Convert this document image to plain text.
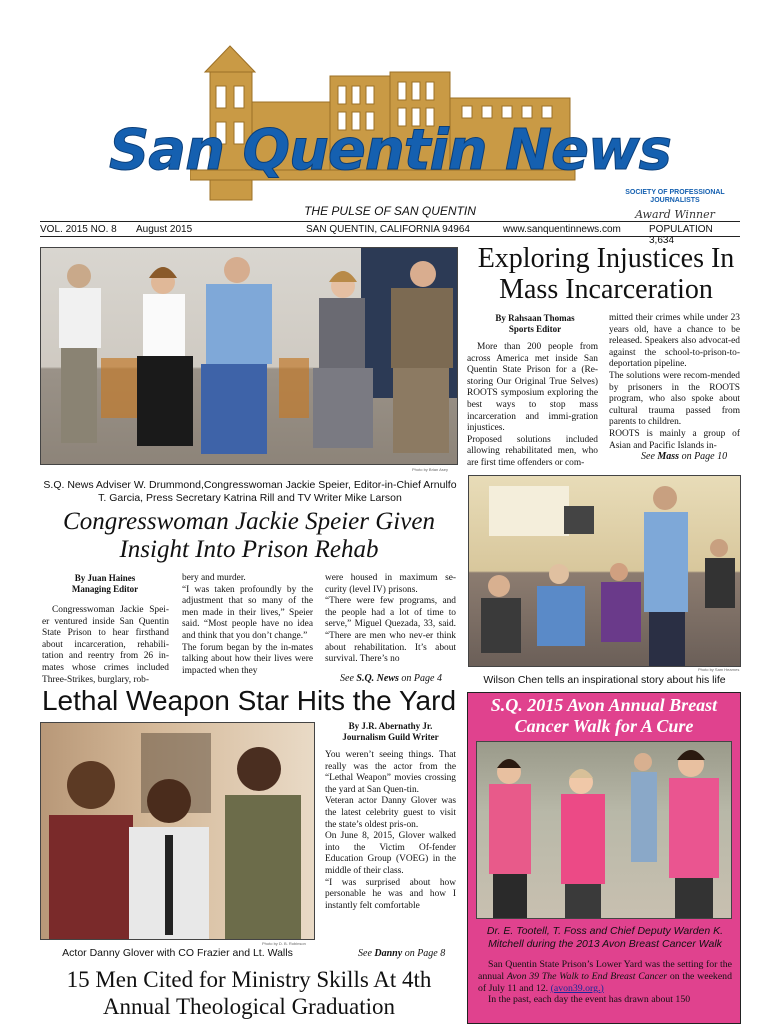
San Quentin News
THE PULSE OF SAN QUENTIN
SOCIETY OF PROFESSIONAL JOURNALISTS
Award Winner
VOL. 2015 NO. 8 August 2015	SAN QUENTIN, CALIFORNIA 94964	www.sanquentinnews.com	POPULATION 3,634
Photo by Brian Asey
S.Q. News Adviser W. Drummond,Congresswoman Jackie Speier, Editor-in-Chief Arnulfo T. Garcia, Press Secretary Katrina Rill and TV Writer Mike Larson
Exploring Injustices In Mass Incarceration
By Rahsaan Thomas
Sports Editor
More than 200 people from across America met inside San Quentin State Prison for a (Re-storing Our Original True Selves) ROOTS symposium exploring the best ways to stop mass incarceration and immi-gration injustices.
Proposed solutions included allowing rehabilitated men, who are first time offenders or com-
mitted their crimes while under 23 years old, have a chance to be released. Speakers also advocat-ed against the school-to-prison-to-deportation pipeline.
The solutions were recom-mended by prisoners in the ROOTS program, who also spoke about cultural trauma passed from parents to children.
ROOTS is mainly a group of Asian and Pacific Islands in-
See Mass on Page 10
Congresswoman Jackie Speier Given Insight Into Prison Rehab
By Juan Haines
Managing Editor
Congresswoman Jackie Spei-er ventured inside San Quentin State Prison to hear firsthand about incarceration, rehabili-tation and reentry from 26 in-mates whose crimes included Three-Strikes, burglary, rob-
bery and murder.
“I was taken profoundly by the adjustment that so many of the men made in their lives,” Speier said. “Most people have no idea and think that you don’t change.”
The forum began by the in-mates talking about how their lives were impacted when they
were housed in maximum se-curity (level IV) prisons.
“There were few programs, and the people had a lot of time to serve,” Miguel Quezada, 33, said. “There are men who nev-er think about rehabilitation. It’s about survival. There’s no
See S.Q. News on Page 4
Photo by Sam Hearnes
Wilson Chen tells an inspirational story about his life
Lethal Weapon Star Hits the Yard
Photo by D. B. Robinson
Actor Danny Glover with CO Frazier and Lt. Walls
By J.R. Abernathy Jr.
Journalism Guild Writer
You weren’t seeing things. That really was the actor from the “Lethal Weapon” movies crossing the yard at San Quen-tin.
Veteran actor Danny Glover was the latest celebrity guest to visit the state’s oldest pris-on.
On June 8, 2015, Glover walked into the Victim Of-fender Education Group (VOEG) in the middle of their class.
“I was surprised about how personable he was and how I instantly felt comfortable
See Danny on Page 8
15 Men Cited for Ministry Skills At 4th Annual Theological Graduation
S.Q. 2015 Avon Annual Breast Cancer Walk for A Cure
Dr. E. Tootell, T. Foss and Chief Deputy Warden K. Mitchell during the 2013 Avon Breast Cancer Walk
San Quentin State Prison’s Lower Yard was the setting for the annual Avon 39 The Walk to End Breast Cancer on the weekend of July 11 and 12. (avon39.org.)
In the past, each day the event has drawn about 150
